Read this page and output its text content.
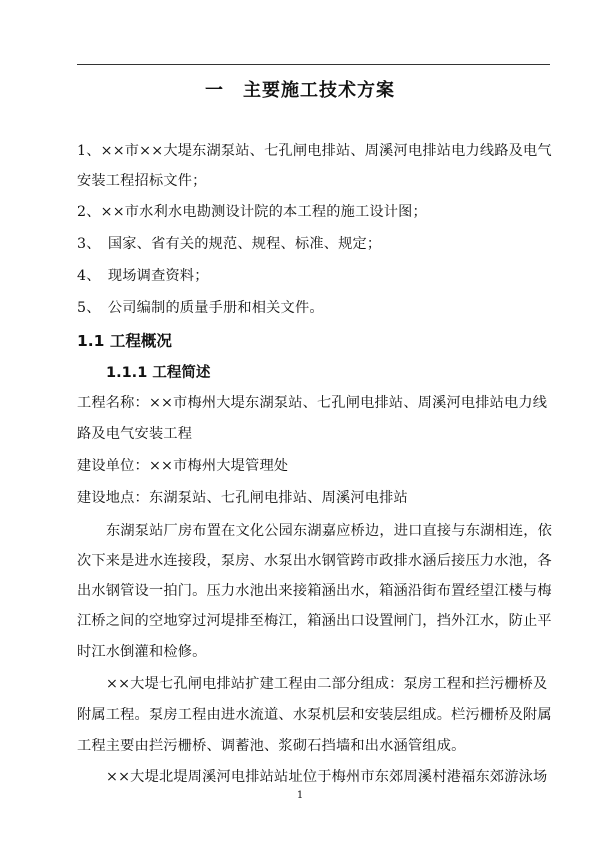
一　主要施工技术方案
1、××市××大堤东湖泵站、七孔闸电排站、周溪河电排站电力线路及电气
安装工程招标文件；
2、××市水利水电勘测设计院的本工程的施工设计图；
3、　国家、省有关的规范、规程、标准、规定；
4、　现场调查资料；
5、　公司编制的质量手册和相关文件。
1.1 工程概况
1.1.1 工程简述
工程名称：××市梅州大堤东湖泵站、七孔闸电排站、周溪河电排站电力线
路及电气安装工程
建设单位：××市梅州大堤管理处
建设地点：东湖泵站、七孔闸电排站、周溪河电排站
东湖泵站厂房布置在文化公园东湖嘉应桥边，进口直接与东湖相连，依
次下来是进水连接段，泵房、水泵出水钢管跨市政排水涵后接压力水池，各
出水钢管设一拍门。压力水池出来接箱涵出水，箱涵沿街布置经望江楼与梅
江桥之间的空地穿过河堤排至梅江，箱涵出口设置闸门，挡外江水，防止平
时江水倒灌和检修。
××大堤七孔闸电排站扩建工程由二部分组成：泵房工程和拦污栅桥及
附属工程。泵房工程由进水流道、水泵机层和安装层组成。栏污栅桥及附属
工程主要由拦污栅桥、调蓄池、浆砌石挡墙和出水涵管组成。
××大堤北堤周溪河电排站站址位于梅州市东郊周溪村港福东郊游泳场
1
